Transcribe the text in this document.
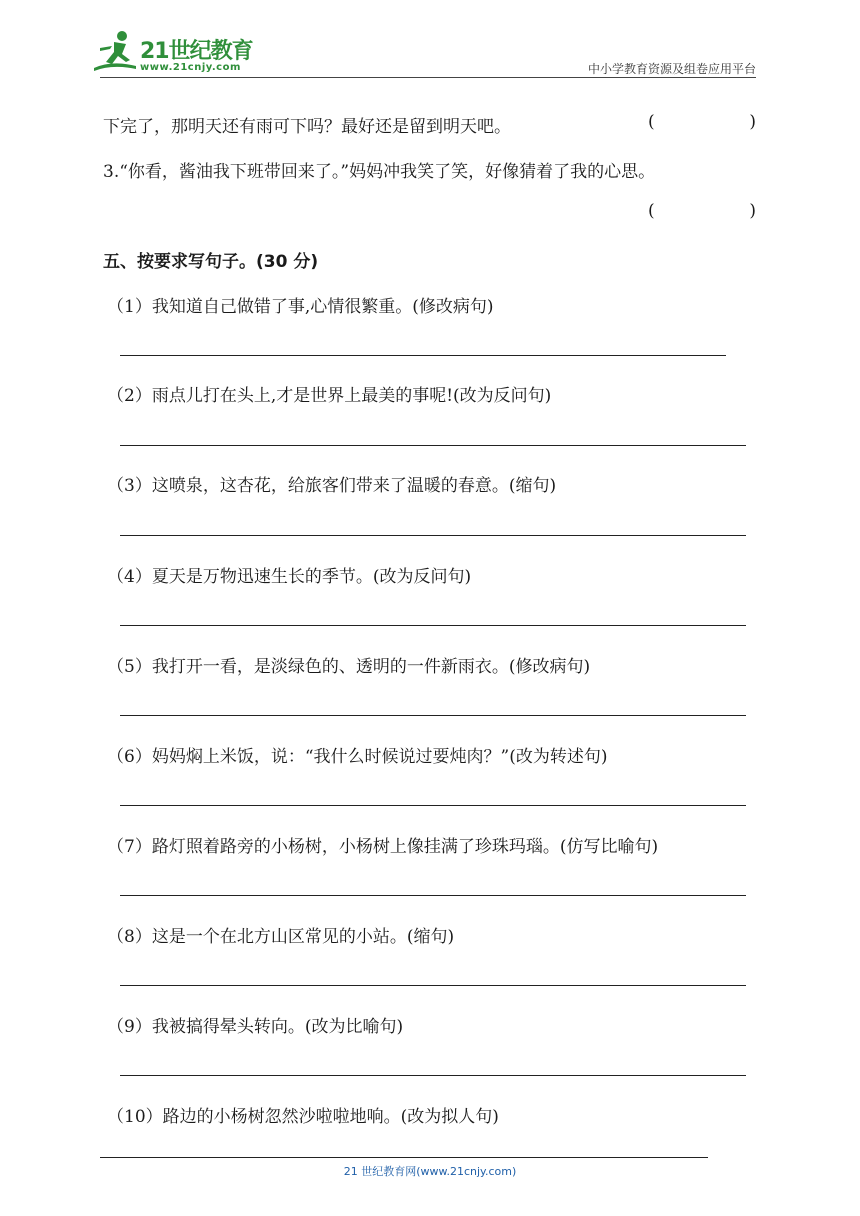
21世纪教育
www.21cnjy.com	中小学教育资源及组卷应用平台
下完了，那明天还有雨可下吗？最好还是留到明天吧。	(	)
3.“你看，酱油我下班带回来了。”妈妈冲我笑了笑，好像猜着了我的心思。
(	)
五、按要求写句子。(30 分)
（1）我知道自己做错了事,心情很繁重。(修改病句)
（2）雨点儿打在头上,才是世界上最美的事呢!(改为反问句)
（3）这喷泉，这杏花，给旅客们带来了温暖的春意。(缩句)
（4）夏天是万物迅速生长的季节。(改为反问句)
（5）我打开一看，是淡绿色的、透明的一件新雨衣。(修改病句)
（6）妈妈焖上米饭，说：“我什么时候说过要炖肉？”(改为转述句)
（7）路灯照着路旁的小杨树，小杨树上像挂满了珍珠玛瑙。(仿写比喻句)
（8）这是一个在北方山区常见的小站。(缩句)
（9）我被搞得晕头转向。(改为比喻句)
（10）路边的小杨树忽然沙啦啦地响。(改为拟人句)
21 世纪教育网(www.21cnjy.com)
